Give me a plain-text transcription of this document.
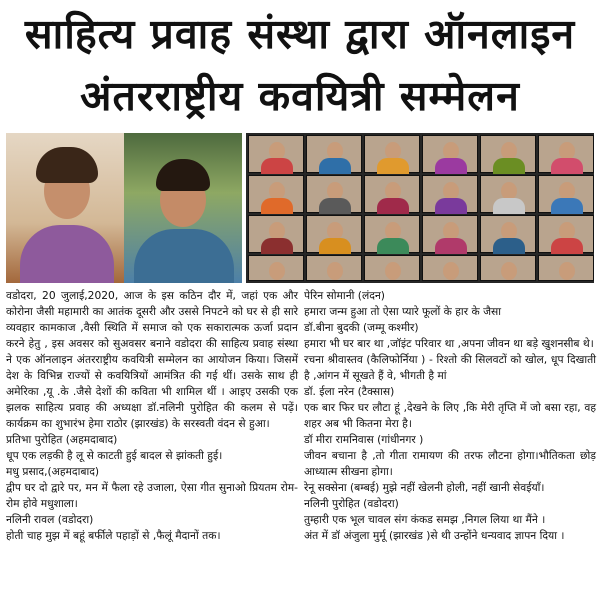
साहित्य प्रवाह संस्था द्वारा ऑनलाइन
अंतरराष्ट्रीय कवयित्री सम्मेलन

वडोदरा, 20 जुलाई,2020, आज के इस कठिन दौर में, जहां एक और कोरोना जैसी महामारी का आतंक दूसरी और उससे निपटने को घर से ही सारे व्यवहार कामकाज ,वैसी स्थिति में समाज को एक सकारात्मक ऊर्जा प्रदान करने हेतु , इस अवसर को सुअवसर बनाने वडोदरा की साहित्य प्रवाह संस्था ने एक ऑनलाइन अंतरराष्ट्रीय कवयित्री सम्मेलन का आयोजन किया। जिसमें देश के विभिन्न राज्यों से कवयित्रियों आमंत्रित की गई थीं। उसके साथ ही अमेरिका ,यू .के .जैसे देशों की कविता भी शामिल थीं । आइए उसकी एक झलक साहित्य प्रवाह की अध्यक्षा डॉ.नलिनी पुरोहित की कलम से पढ़ें। कार्यक्रम का शुभारंभ हेमा राठोर (झारखंड) के सरस्वती वंदन से हुआ।

प्रतिभा पुरोहित (अहमदाबाद)

धूप एक लड़की है लू से काटती हुई बादल से झांकती हुई।

मधु प्रसाद,(अहमदाबाद)

द्वीप घर दो द्वारे पर, मन में फैला रहे उजाला, ऐसा गीत सुनाओ प्रियतम रोम-रोम होवे मधुशाला।

नलिनी रावल (वडोदरा)

होती चाह मुझ में बहूं बर्फीले पहाड़ों से ,फैलूं मैदानों तक।

पेरिन सोमानी (लंदन)

हमारा जन्म हुआ तो ऐसा प्यारे फूलों के हार के जैसा

डॉ.बीना बुदकी (जम्मू कश्मीर)

हमारा भी घर बार था ,जॉइंट परिवार था ,अपना जीवन था बड़े खुशनसीब थे।

रचना श्रीवास्तव (कैलिफोर्निया ) - रिश्तो की सिलवटों को खोल, धूप दिखाती है ,आंगन में सूखते हैं वे, भीगती है मां

डॉ. ईला नरेन (टैक्सास)

एक बार फिर घर लौटा हूं ,देखने के लिए ,कि मेरी तृप्ति में जो बसा रहा, वह शहर अब भी कितना मेरा है।

डॉ मीरा रामनिवास (गांधीनगर )

जीवन बचाना है ,तो गीता रामायण की तरफ लौटना होगा।भौतिकता छोड़ आध्यात्म सीखना होगा।

रेनू सक्सेना (बम्बई) मुझे नहीं खेलनी होली, नहीं खानी सेवईयाँ।

नलिनी पुरोहित (वडोदरा)

तुम्हारी एक भूल चावल संग कंकड समझ ,निगल लिया था मैंने ।

अंत में डॉ अंजुला मुर्मू (झारखंड )से थी उन्होंने धन्यवाद ज्ञापन दिया ।
